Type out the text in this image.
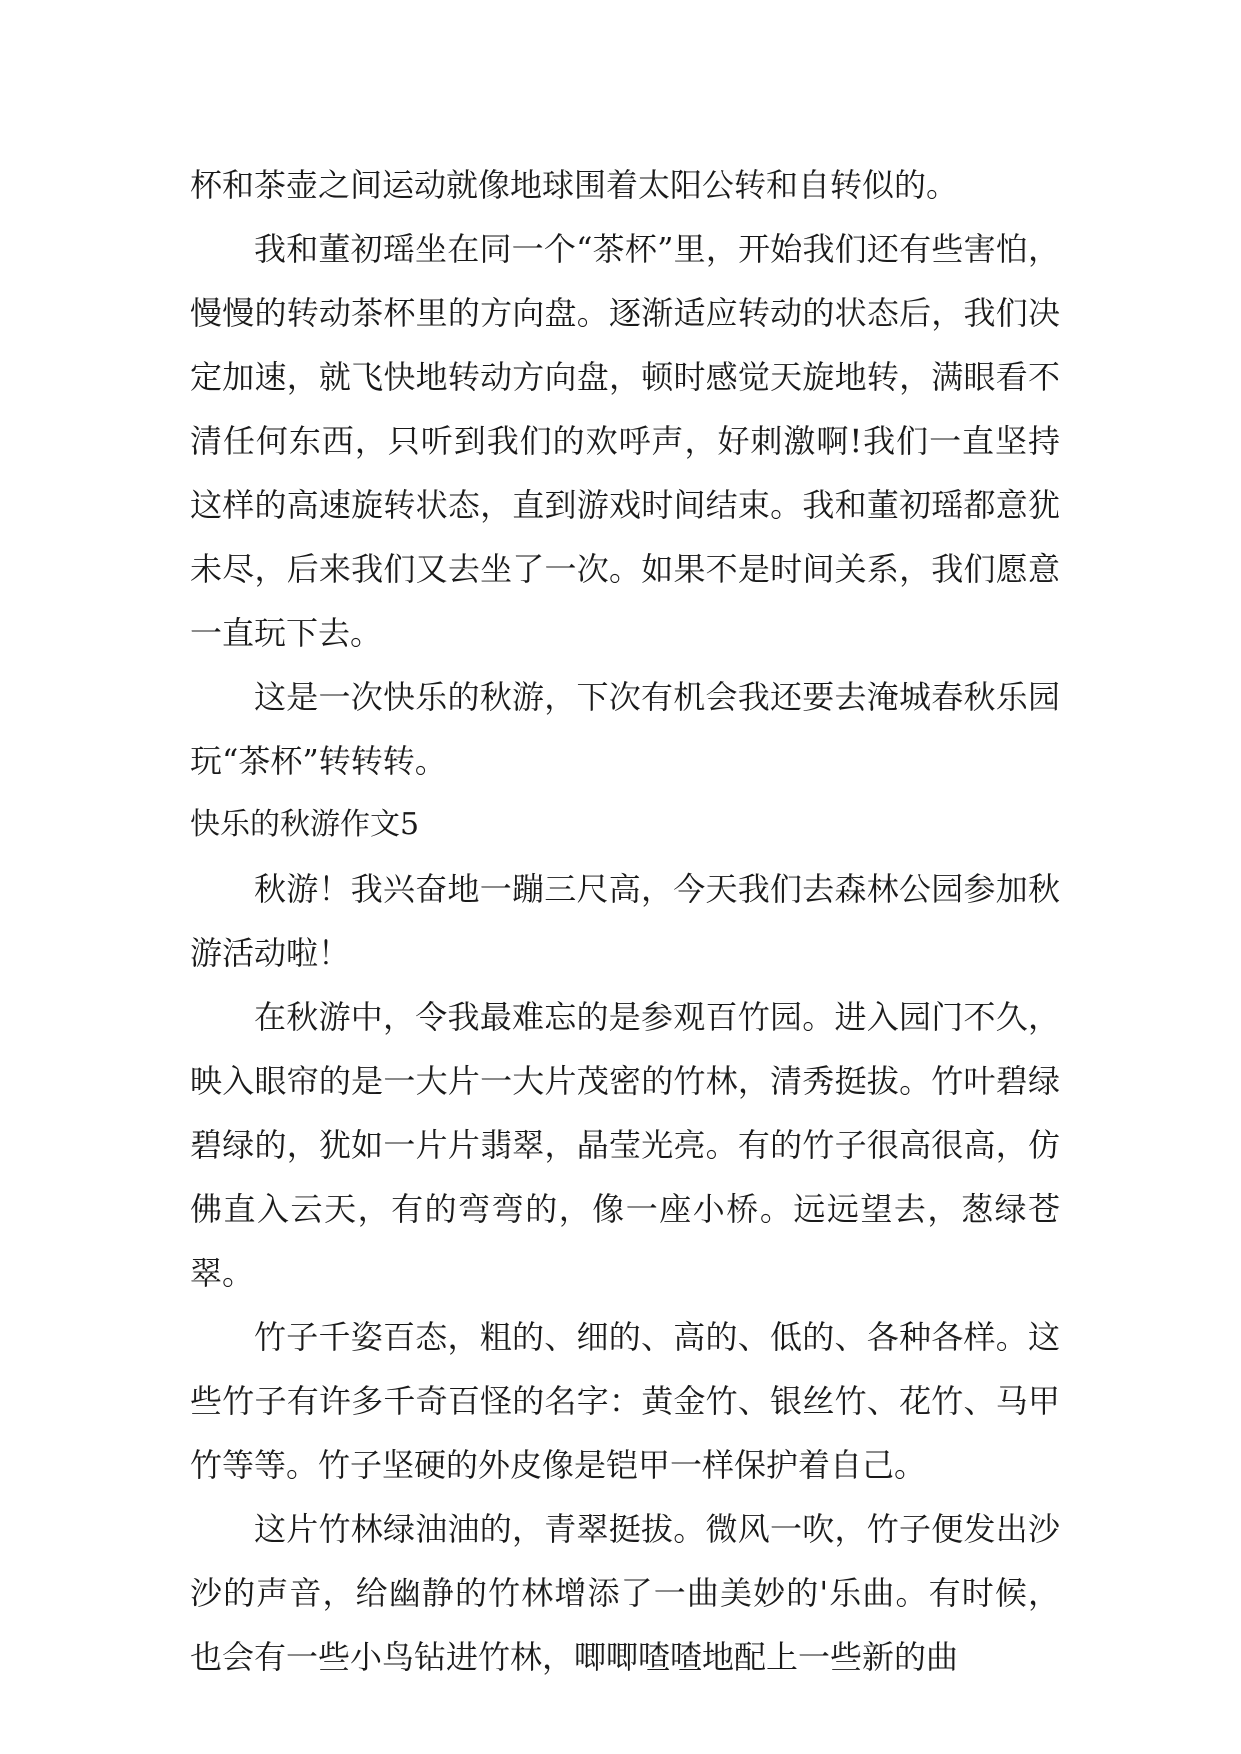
杯和茶壶之间运动就像地球围着太阳公转和自转似的。

我和董初瑶坐在同一个“茶杯”里，开始我们还有些害怕，慢慢的转动茶杯里的方向盘。逐渐适应转动的状态后，我们决定加速，就飞快地转动方向盘，顿时感觉天旋地转，满眼看不清任何东西，只听到我们的欢呼声，好刺激啊!我们一直坚持这样的高速旋转状态，直到游戏时间结束。我和董初瑶都意犹未尽，后来我们又去坐了一次。如果不是时间关系，我们愿意一直玩下去。

这是一次快乐的秋游，下次有机会我还要去淹城春秋乐园玩“茶杯”转转转。

快乐的秋游作文5

秋游！我兴奋地一蹦三尺高，今天我们去森林公园参加秋游活动啦！

在秋游中，令我最难忘的是参观百竹园。进入园门不久，映入眼帘的是一大片一大片茂密的竹林，清秀挺拔。竹叶碧绿碧绿的，犹如一片片翡翠，晶莹光亮。有的竹子很高很高，仿佛直入云天，有的弯弯的，像一座小桥。远远望去，葱绿苍翠。

竹子千姿百态，粗的、细的、高的、低的、各种各样。这些竹子有许多千奇百怪的名字：黄金竹、银丝竹、花竹、马甲竹等等。竹子坚硬的外皮像是铠甲一样保护着自己。

这片竹林绿油油的，青翠挺拔。微风一吹，竹子便发出沙沙的声音，给幽静的竹林增添了一曲美妙的'乐曲。有时候，也会有一些小鸟钻进竹林，唧唧喳喳地配上一些新的曲
